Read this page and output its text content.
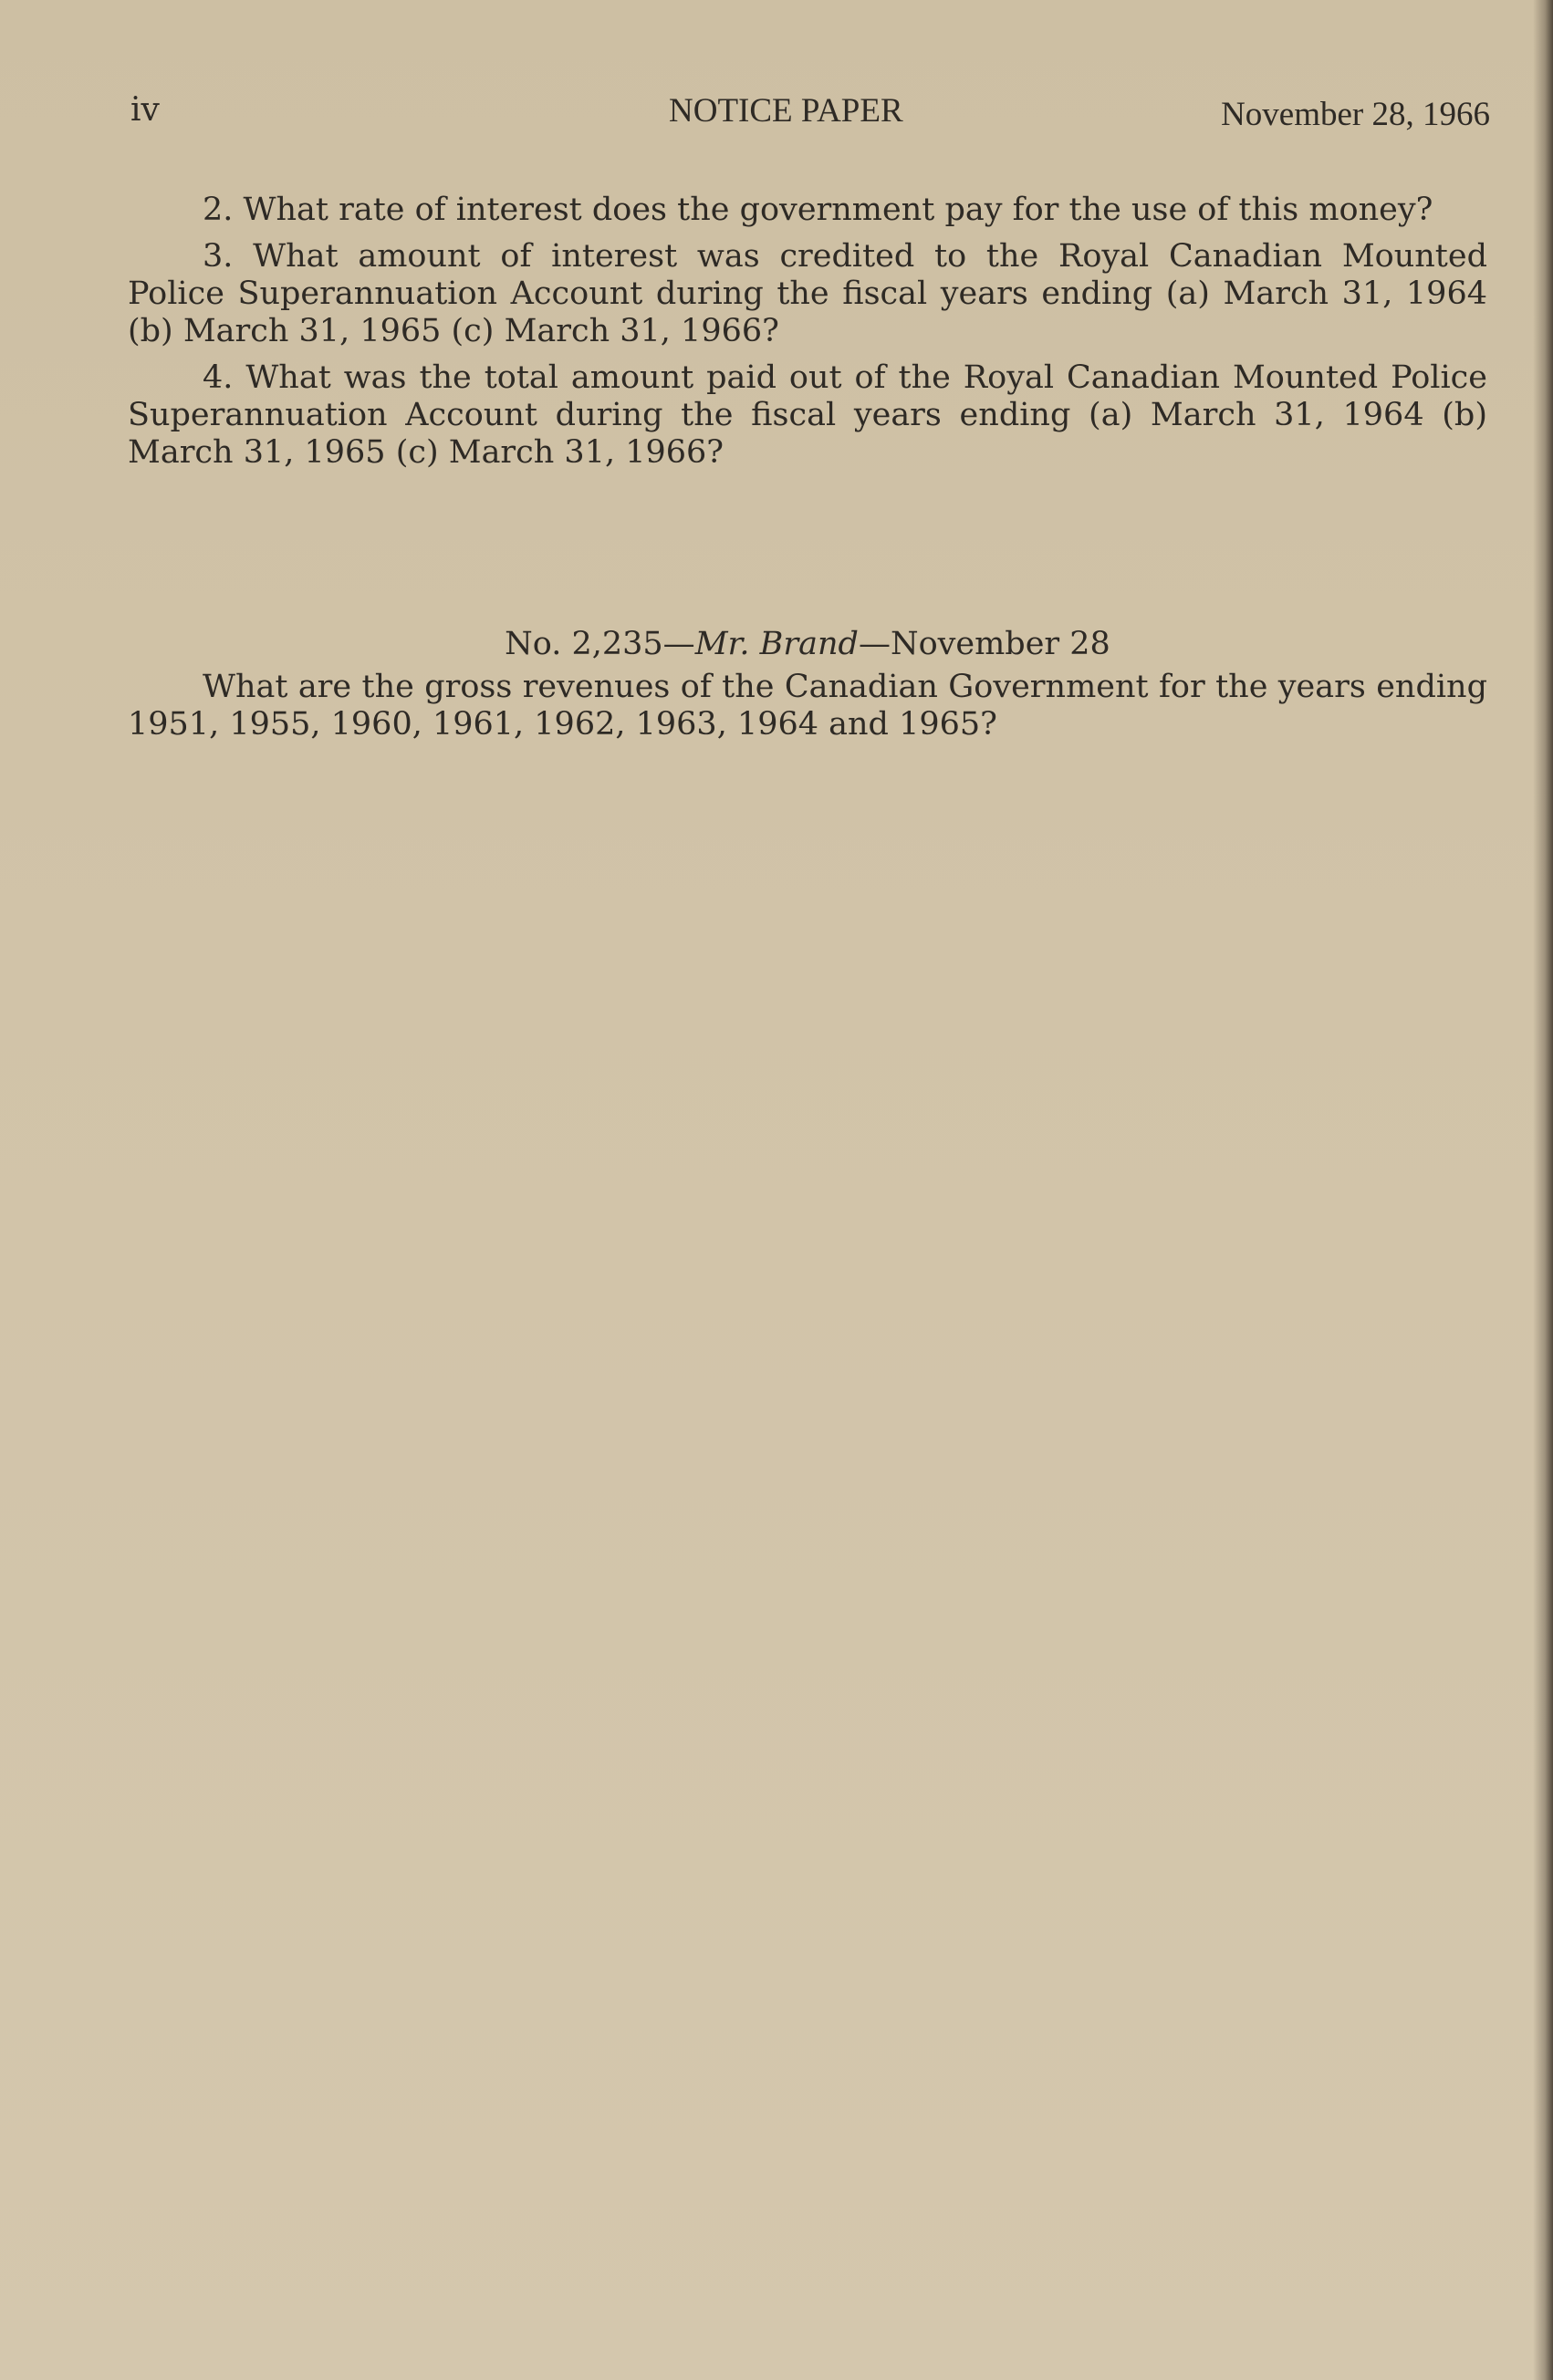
iv	NOTICE PAPER	November 28, 1966

2. What rate of interest does the government pay for the use of this money?

3. What amount of interest was credited to the Royal Canadian Mounted Police Superannuation Account during the fiscal years ending (a) March 31, 1964 (b) March 31, 1965 (c) March 31, 1966?

4. What was the total amount paid out of the Royal Canadian Mounted Police Superannuation Account during the fiscal years ending (a) March 31, 1964 (b) March 31, 1965 (c) March 31, 1966?

No. 2,235—Mr. Brand—November 28

What are the gross revenues of the Canadian Government for the years ending 1951, 1955, 1960, 1961, 1962, 1963, 1964 and 1965?
